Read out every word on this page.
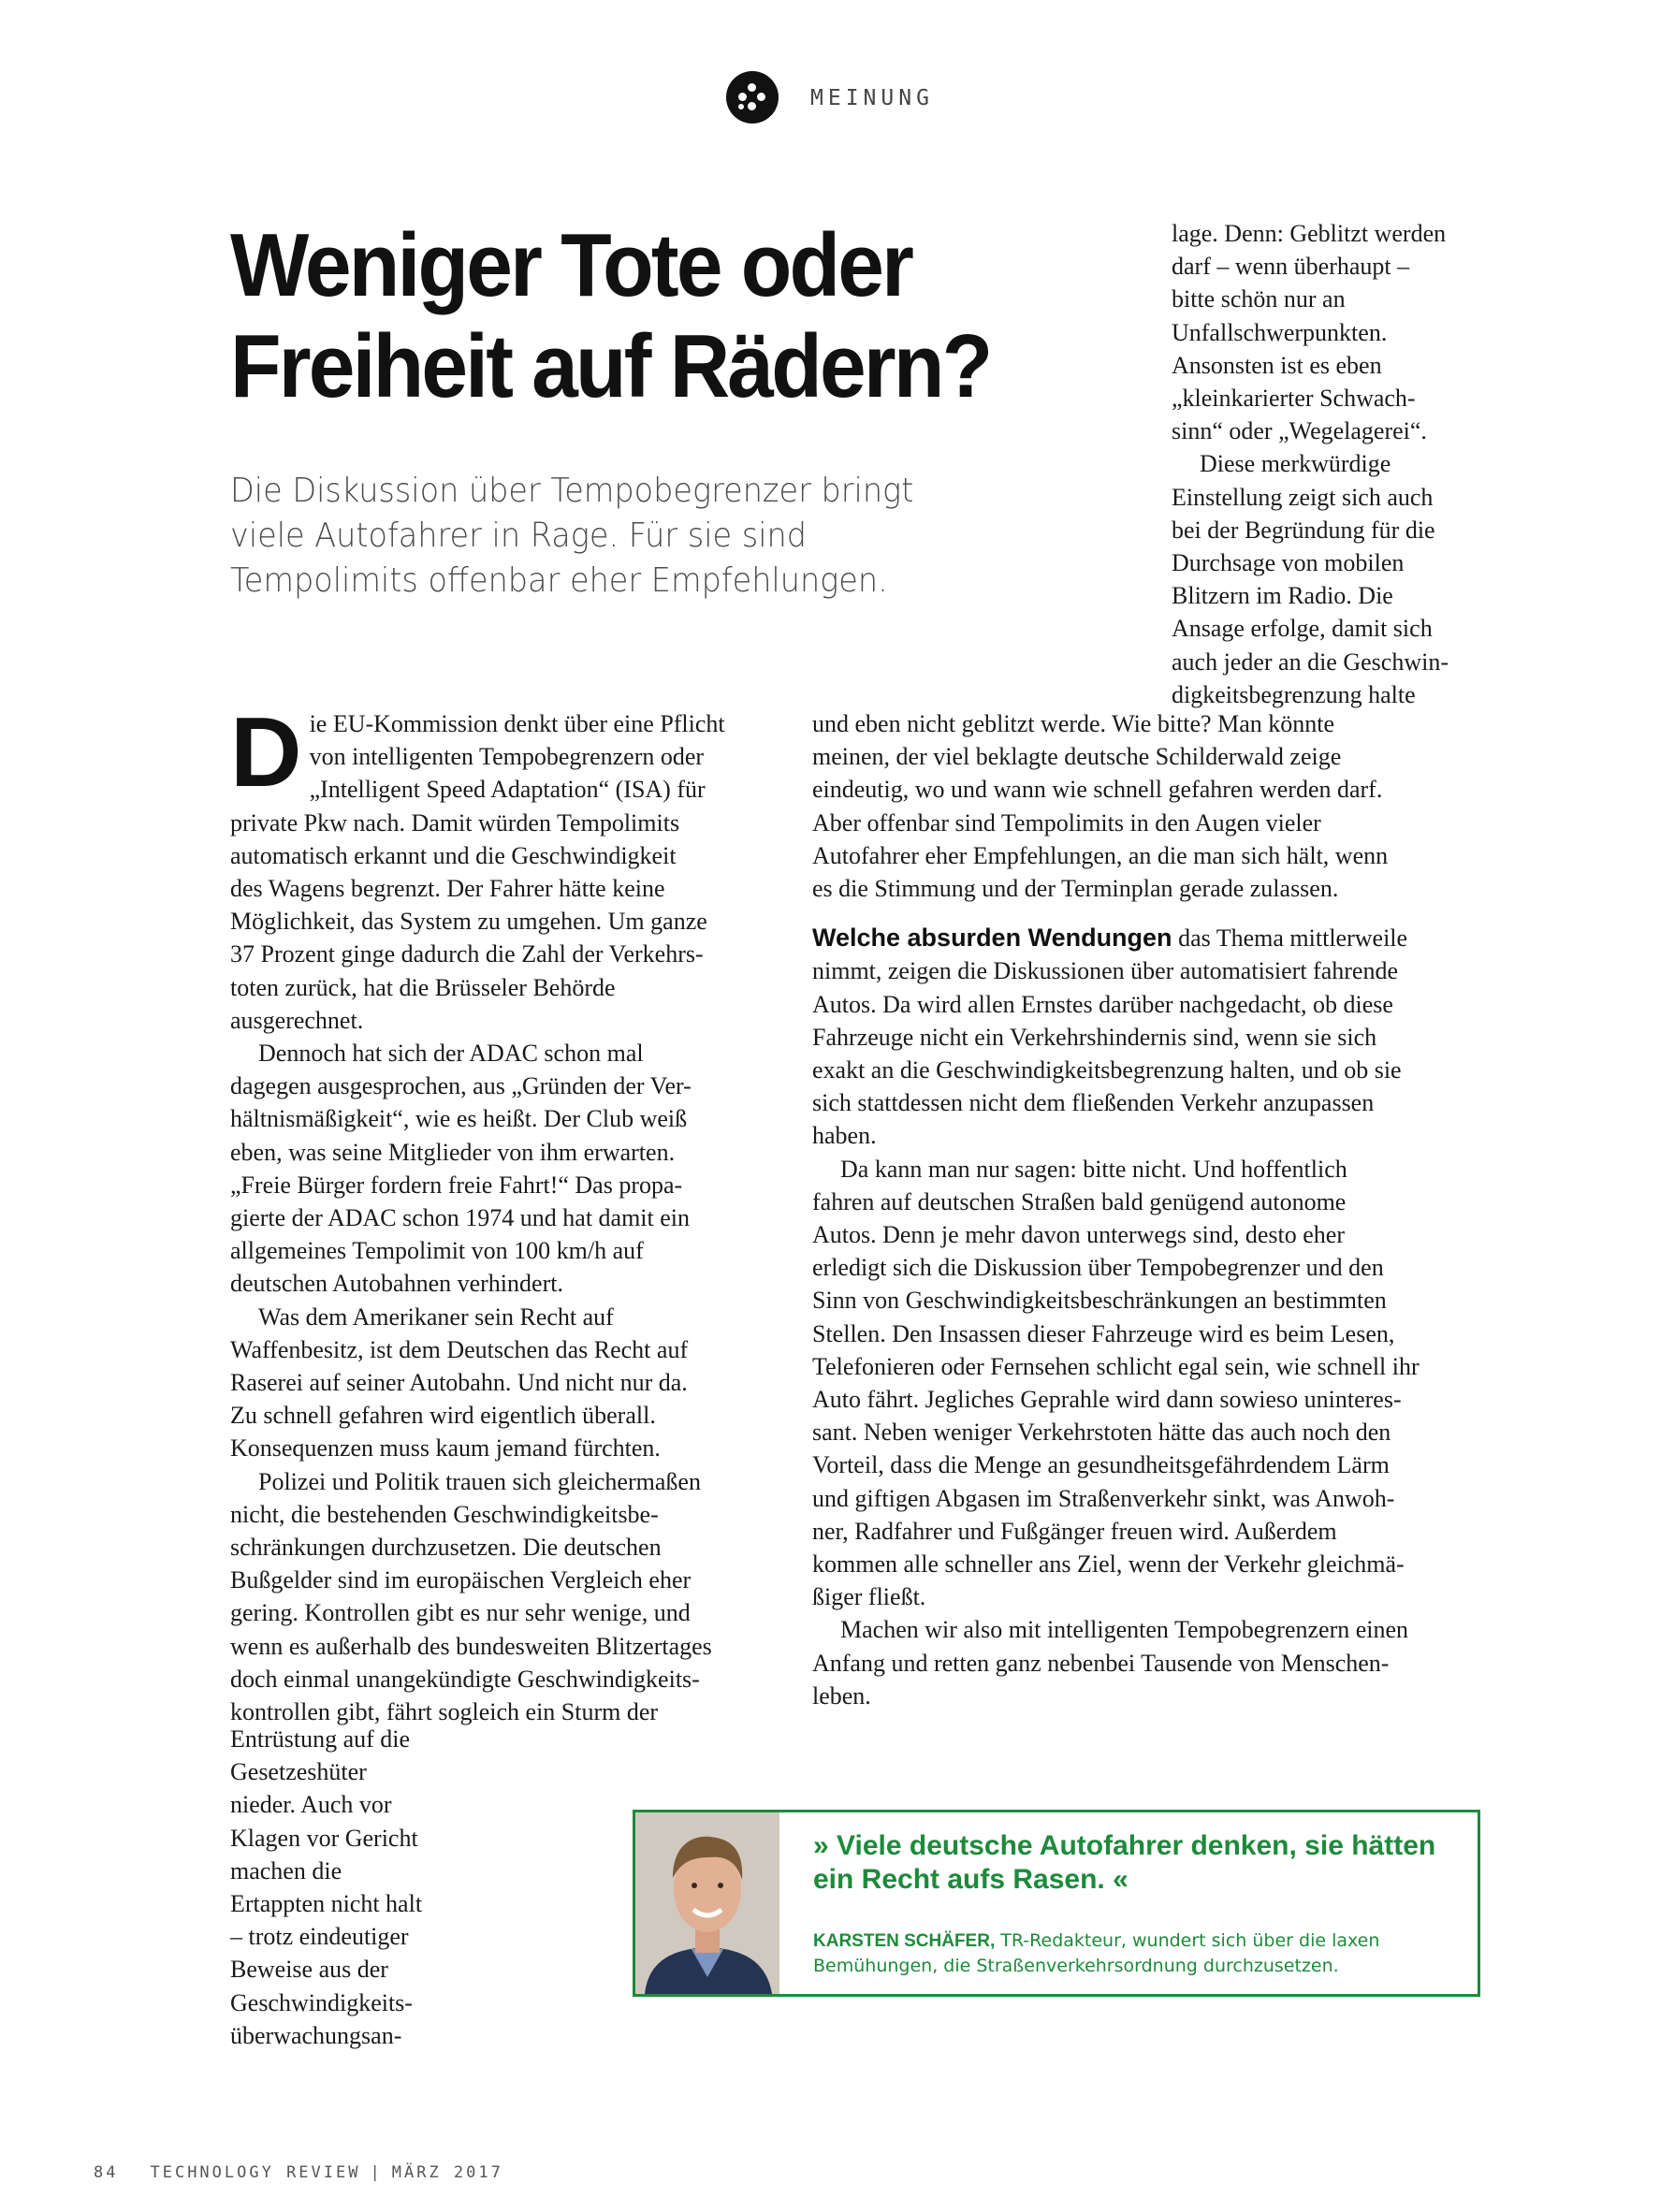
MEINUNG
Weniger Tote oder
Freiheit auf Rädern?

Die Diskussion über Tempobegrenzer bringt
viele Autofahrer in Rage. Für sie sind
Tempolimits offenbar eher Empfehlungen.

lage. Denn: Geblitzt werden
darf – wenn überhaupt –
bitte schön nur an
Unfallschwerpunkten.
Ansonsten ist es eben
„kleinkarierter Schwach-
sinn“ oder „Wegelagerei“.
Diese merkwürdige
Einstellung zeigt sich auch
bei der Begründung für die
Durchsage von mobilen
Blitzern im Radio. Die
Ansage erfolge, damit sich
auch jeder an die Geschwin-
digkeitsbegrenzung halte

D ie EU-Kommission denkt über eine Pflicht
von intelligenten Tempobegrenzern oder
„Intelligent Speed Adaptation“ (ISA) für
private Pkw nach. Damit würden Tempolimits
automatisch erkannt und die Geschwindigkeit
des Wagens begrenzt. Der Fahrer hätte keine
Möglichkeit, das System zu umgehen. Um ganze
37 Prozent ginge dadurch die Zahl der Verkehrs-
toten zurück, hat die Brüsseler Behörde
ausgerechnet.

Dennoch hat sich der ADAC schon mal
dagegen ausgesprochen, aus „Gründen der Ver-
hältnismäßigkeit“, wie es heißt. Der Club weiß
eben, was seine Mitglieder von ihm erwarten.
„Freie Bürger fordern freie Fahrt!“ Das propa-
gierte der ADAC schon 1974 und hat damit ein
allgemeines Tempolimit von 100 km/h auf
deutschen Autobahnen verhindert.

Was dem Amerikaner sein Recht auf
Waffenbesitz, ist dem Deutschen das Recht auf
Raserei auf seiner Autobahn. Und nicht nur da.
Zu schnell gefahren wird eigentlich überall.
Konsequenzen muss kaum jemand fürchten.

Polizei und Politik trauen sich gleichermaßen
nicht, die bestehenden Geschwindigkeitsbe-
schränkungen durchzusetzen. Die deutschen
Bußgelder sind im europäischen Vergleich eher
gering. Kontrollen gibt es nur sehr wenige, und
wenn es außerhalb des bundesweiten Blitzertages
doch einmal unangekündigte Geschwindigkeits-
kontrollen gibt, fährt sogleich ein Sturm der

Entrüstung auf die
Gesetzeshüter
nieder. Auch vor
Klagen vor Gericht
machen die
Ertappten nicht halt
– trotz eindeutiger
Beweise aus der
Geschwindigkeits-
überwachungsan-

und eben nicht geblitzt werde. Wie bitte? Man könnte
meinen, der viel beklagte deutsche Schilderwald zeige
eindeutig, wo und wann wie schnell gefahren werden darf.
Aber offenbar sind Tempolimits in den Augen vieler
Autofahrer eher Empfehlungen, an die man sich hält, wenn
es die Stimmung und der Terminplan gerade zulassen.

Welche absurden Wendungen das Thema mittlerweile
nimmt, zeigen die Diskussionen über automatisiert fahrende
Autos. Da wird allen Ernstes darüber nachgedacht, ob diese
Fahrzeuge nicht ein Verkehrshindernis sind, wenn sie sich
exakt an die Geschwindigkeitsbegrenzung halten, und ob sie
sich stattdessen nicht dem fließenden Verkehr anzupassen
haben.

Da kann man nur sagen: bitte nicht. Und hoffentlich
fahren auf deutschen Straßen bald genügend autonome
Autos. Denn je mehr davon unterwegs sind, desto eher
erledigt sich die Diskussion über Tempobegrenzer und den
Sinn von Geschwindigkeitsbeschränkungen an bestimmten
Stellen. Den Insassen dieser Fahrzeuge wird es beim Lesen,
Telefonieren oder Fernsehen schlicht egal sein, wie schnell ihr
Auto fährt. Jegliches Geprahle wird dann sowieso uninteres-
sant. Neben weniger Verkehrstoten hätte das auch noch den
Vorteil, dass die Menge an gesundheitsgefährdendem Lärm
und giftigen Abgasen im Straßenverkehr sinkt, was Anwoh-
ner, Radfahrer und Fußgänger freuen wird. Außerdem
kommen alle schneller ans Ziel, wenn der Verkehr gleichmä-
ßiger fließt.

Machen wir also mit intelligenten Tempobegrenzern einen
Anfang und retten ganz nebenbei Tausende von Menschen-
leben.

» Viele deutsche Autofahrer denken, sie hätten ein Recht aufs Rasen. «

KARSTEN SCHÄFER, TR-Redakteur, wundert sich über die laxen Bemühungen, die Straßenverkehrsordnung durchzusetzen.

84 TECHNOLOGY REVIEW | MÄRZ 2017
